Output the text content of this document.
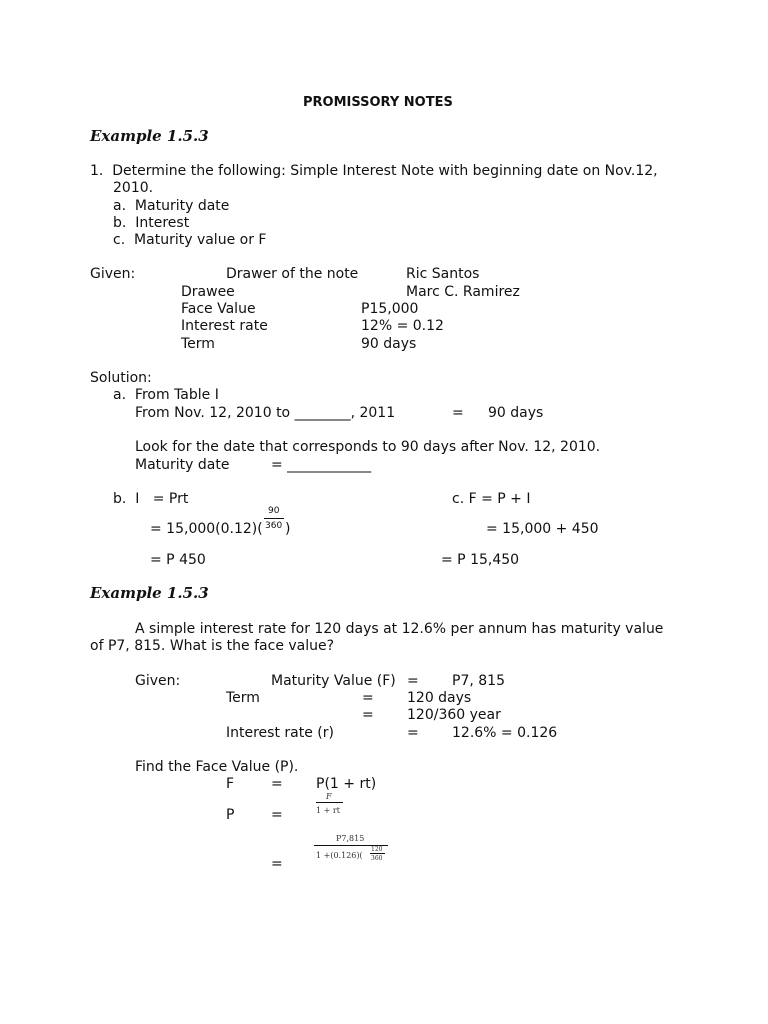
PROMISSORY NOTES
Example 1.5.3
1.  Determine the following: Simple Interest Note with beginning date on Nov.12,
2010.
a.  Maturity date
b.  Interest
c.  Maturity value or F
Given:	Drawer of the note	Ric Santos
Drawee	Marc C. Ramirez
Face Value	P15,000
Interest rate	12% = 0.12
Term	90 days
Solution:
a.  From Table I
From Nov. 12, 2010 to ________, 2011	= 90 days
Look for the date that corresponds to 90 days after Nov. 12, 2010.
Maturity date	= ____________
b.  I   = Prt	c. F = P + I
= 15,000(0.12)(
90
360 )	= 15,000 + 450
= P 450	= P 15,450
Example 1.5.3
A simple interest rate for 120 days at 12.6% per annum has maturity value
of P7, 815. What is the face value?
Given:	Maturity Value (F) = P7, 815
Term	= 120 days
= 120/360 year
Interest rate (r)	= 12.6% = 0.126
Find the Face Value (P).
F	= P(1 + rt)
P	=
F
1 + rt
P7,815
1 +(0.126)(
120
360
=
